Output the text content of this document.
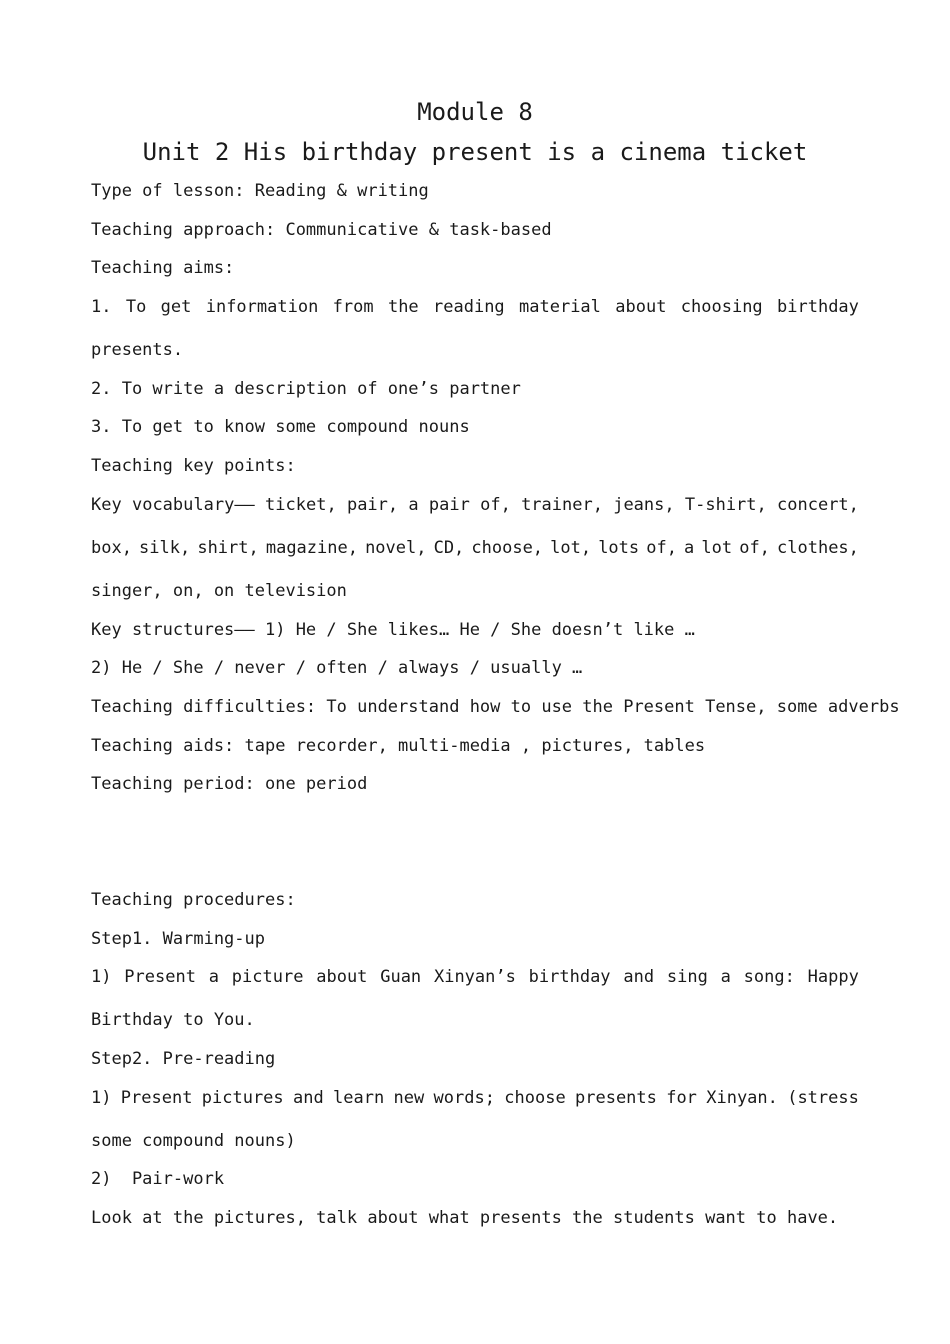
Module 8
Unit 2 His birthday present is a cinema ticket
Type of lesson: Reading & writing
Teaching approach: Communicative & task-based
Teaching aims:
1. To get information from the reading material about choosing birthday
presents.
2. To write a description of one’s partner
3. To get to know some compound nouns
Teaching key points:
Key vocabulary—— ticket, pair, a pair of, trainer, jeans, T-shirt, concert,
box, silk, shirt, magazine, novel, CD, choose, lot, lots of, a lot of, clothes,
singer, on, on television
Key structures—— 1) He / She likes… He / She doesn’t like …
2) He / She / never / often / always / usually …
Teaching difficulties: To understand how to use the Present Tense, some adverbs
Teaching aids: tape recorder, multi-media , pictures, tables
Teaching period: one period
Teaching procedures:
Step1. Warming-up
1) Present a picture about Guan Xinyan’s birthday and sing a song: Happy
Birthday to You.
Step2. Pre-reading
1) Present pictures and learn new words; choose presents for Xinyan. (stress
some compound nouns)
2)  Pair-work
Look at the pictures, talk about what presents the students want to have.
